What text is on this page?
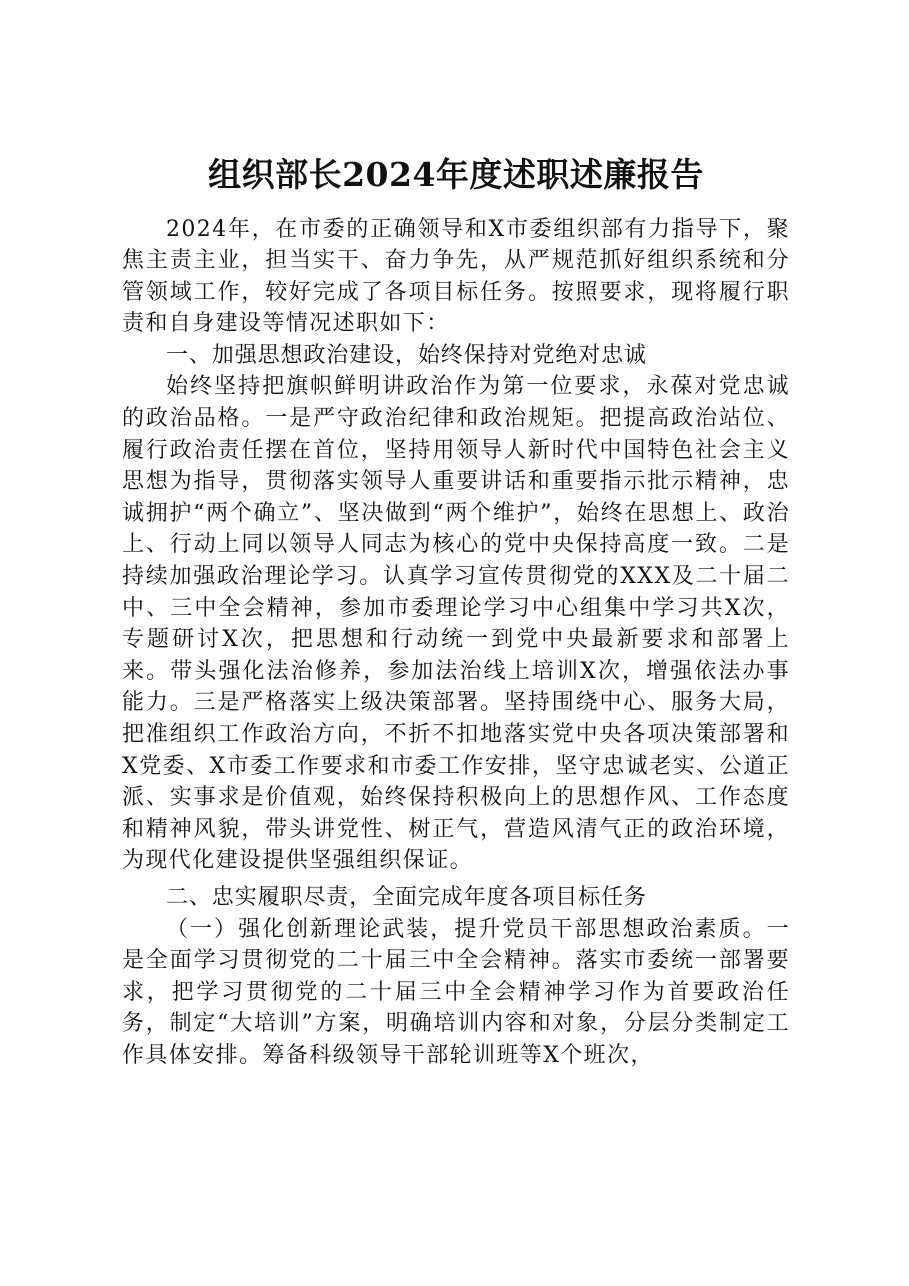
组织部长2024年度述职述廉报告

2024年，在市委的正确领导和X市委组织部有力指导下，聚焦主责主业，担当实干、奋力争先，从严规范抓好组织系统和分管领域工作，较好完成了各项目标任务。按照要求，现将履行职责和自身建设等情况述职如下：

一、加强思想政治建设，始终保持对党绝对忠诚

始终坚持把旗帜鲜明讲政治作为第一位要求，永葆对党忠诚的政治品格。一是严守政治纪律和政治规矩。把提高政治站位、履行政治责任摆在首位，坚持用领导人新时代中国特色社会主义思想为指导，贯彻落实领导人重要讲话和重要指示批示精神，忠诚拥护“两个确立”、坚决做到“两个维护”，始终在思想上、政治上、行动上同以领导人同志为核心的党中央保持高度一致。二是持续加强政治理论学习。认真学习宣传贯彻党的XXX及二十届二中、三中全会精神，参加市委理论学习中心组集中学习共X次，专题研讨X次，把思想和行动统一到党中央最新要求和部署上来。带头强化法治修养，参加法治线上培训X次，增强依法办事能力。三是严格落实上级决策部署。坚持围绕中心、服务大局，把准组织工作政治方向，不折不扣地落实党中央各项决策部署和X党委、X市委工作要求和市委工作安排，坚守忠诚老实、公道正派、实事求是价值观，始终保持积极向上的思想作风、工作态度和精神风貌，带头讲党性、树正气，营造风清气正的政治环境，为现代化建设提供坚强组织保证。

二、忠实履职尽责，全面完成年度各项目标任务

（一）强化创新理论武装，提升党员干部思想政治素质。一是全面学习贯彻党的二十届三中全会精神。落实市委统一部署要求，把学习贯彻党的二十届三中全会精神学习作为首要政治任务，制定“大培训”方案，明确培训内容和对象，分层分类制定工作具体安排。筹备科级领导干部轮训班等X个班次，
